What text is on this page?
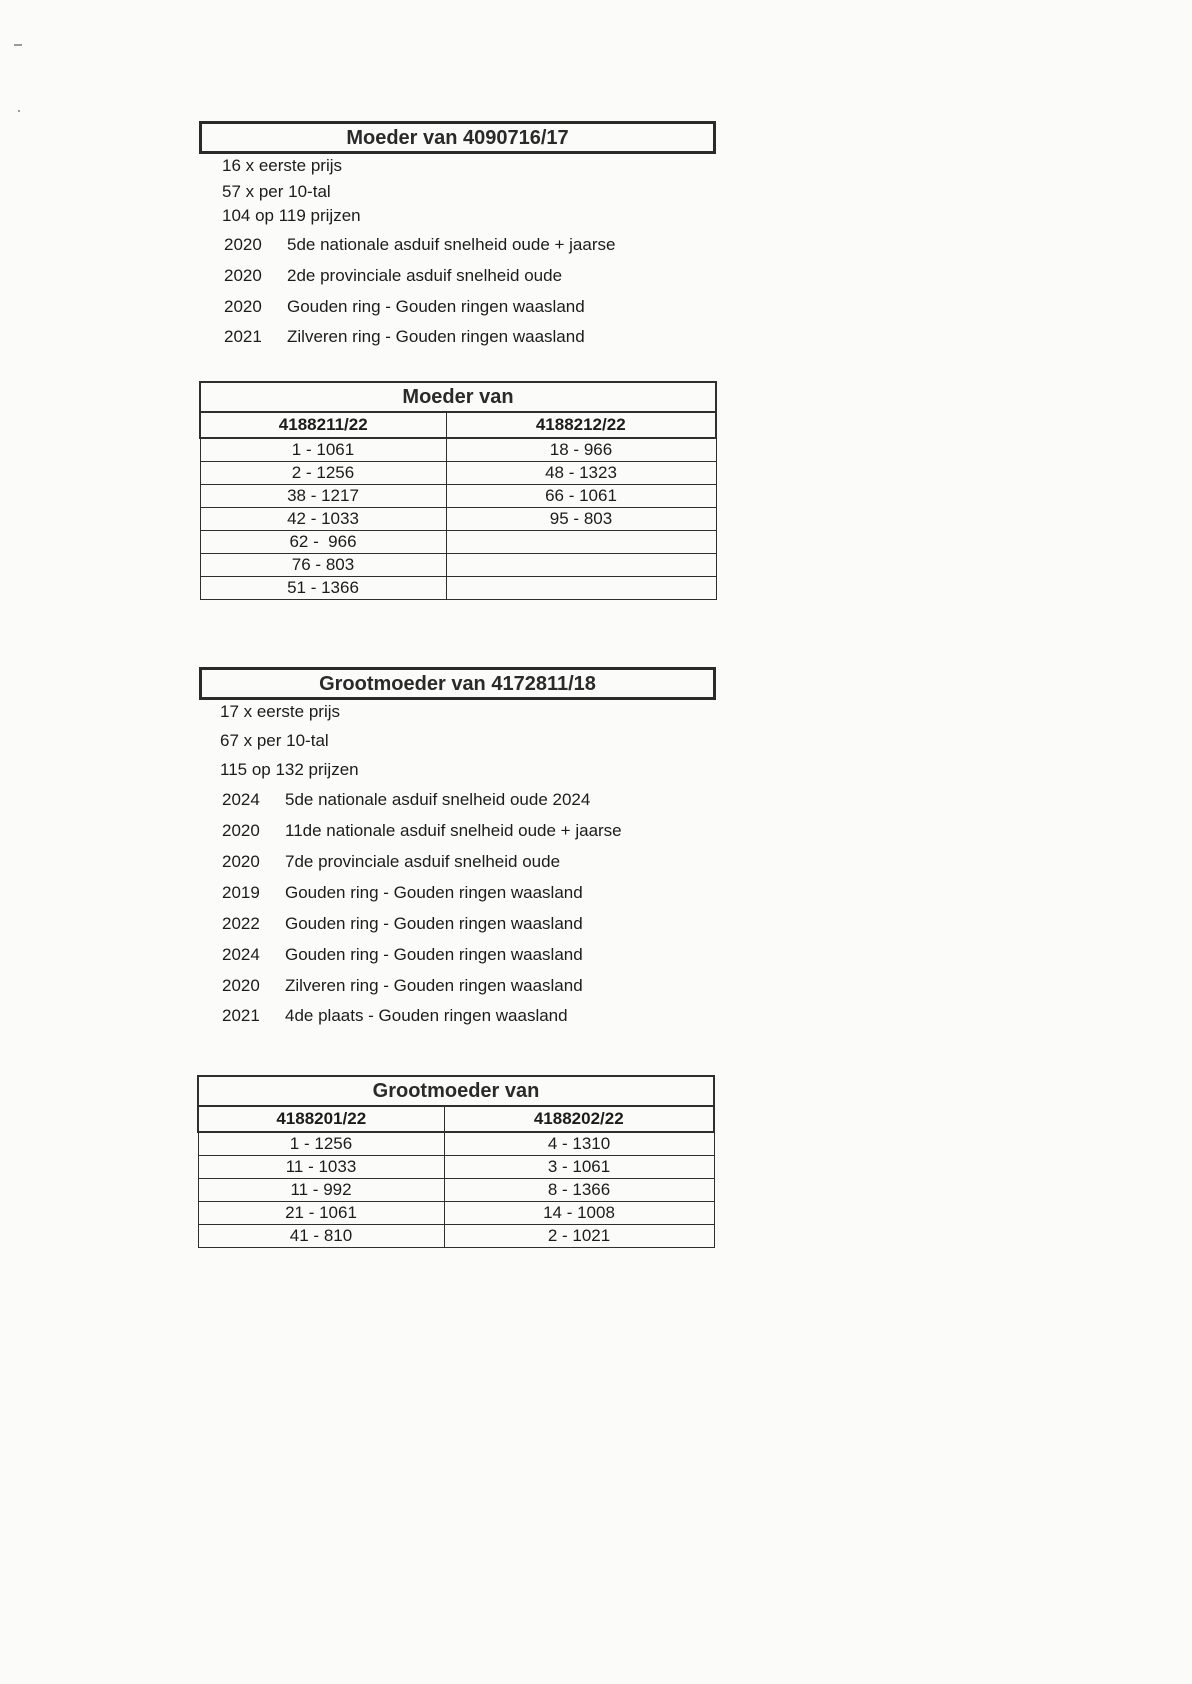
Moeder van 4090716/17
16 x eerste prijs
57 x per 10-tal
104 op 119 prijzen
2020 5de nationale asduif snelheid oude + jaarse
2020 2de provinciale asduif snelheid oude
2020 Gouden ring - Gouden ringen waasland
2021 Zilveren ring - Gouden ringen waasland
Moeder van	
4188211/22	4188212/22
1 - 1061	18 - 966
2 - 1256	48 - 1323
38 - 1217	66 - 1061
42 - 1033	95 - 803
62 -  966	
76 - 803	
51 - 1366	
Grootmoeder van 4172811/18
17 x eerste prijs
67 x per 10-tal
115 op 132 prijzen
2024 5de nationale asduif snelheid oude 2024
2020 11de nationale asduif snelheid oude + jaarse
2020 7de provinciale asduif snelheid oude
2019 Gouden ring - Gouden ringen waasland
2022 Gouden ring - Gouden ringen waasland
2024 Gouden ring - Gouden ringen waasland
2020 Zilveren ring - Gouden ringen waasland
2021 4de plaats - Gouden ringen waasland
Grootmoeder van	
4188201/22	4188202/22
1 - 1256	4 - 1310
11 - 1033	3 - 1061
11 - 992	8 - 1366
21 - 1061	14 - 1008
41 - 810	2 - 1021
